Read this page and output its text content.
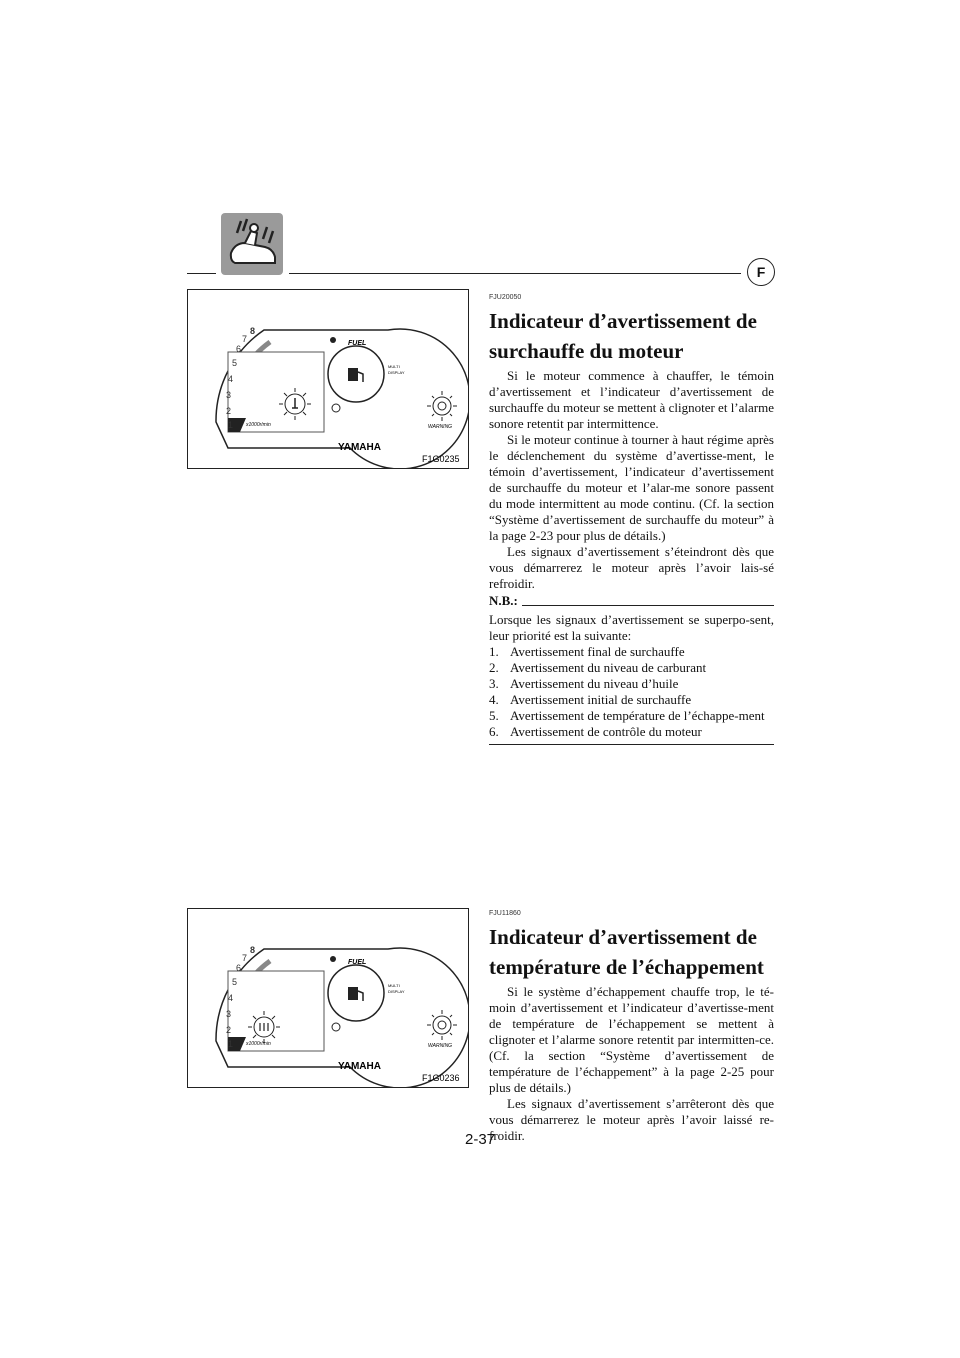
F
1
2
3
4
5
6
7
8
FUEL
MULTI
DISPLAY
x1000r/min
YAMAHA
WARNING
F1G0235
FJU20050
Indicateur d’avertissement de
surchauffe du moteur

Si le moteur commence à chauffer, le témoin d’avertissement et l’indicateur d’avertissement de surchauffe du moteur se mettent à clignoter et l’alarme sonore retentit par intermittence.

Si le moteur continue à tourner à haut régime après le déclenchement du système d’avertisse-ment, le témoin d’avertissement, l’indicateur d’avertissement de surchauffe du moteur et l’alar-me sonore passent du mode intermittent au mode continu. (Cf. la section “Système d’avertissement de surchauffe du moteur” à la page 2-23 pour plus de détails.)

Les signaux d’avertissement s’éteindront dès que vous démarrerez le moteur après l’avoir lais-sé refroidir.

N.B.:

Lorsque les signaux d’avertissement se superpo-sent, leur priorité est la suivante:

1. Avertissement final de surchauffe
2. Avertissement du niveau de carburant
3. Avertissement du niveau d’huile
4. Avertissement initial de surchauffe
5. Avertissement de température de l’échappe-ment
6. Avertissement de contrôle du moteur
1
2
3
4
5
6
7
8
FUEL
MULTI
DISPLAY
x1000r/min
YAMAHA
WARNING
F1G0236
FJU11860
Indicateur d’avertissement de
température de l’échappement

Si le système d’échappement chauffe trop, le té-moin d’avertissement et l’indicateur d’avertisse-ment de température de l’échappement se mettent à clignoter et l’alarme sonore retentit par intermitten-ce. (Cf. la section “Système d’avertissement de température de l’échappement” à la page 2-25 pour plus de détails.)

Les signaux d’avertissement s’arrêteront dès que vous démarrerez le moteur après l’avoir laissé re-froidir.

2-37
